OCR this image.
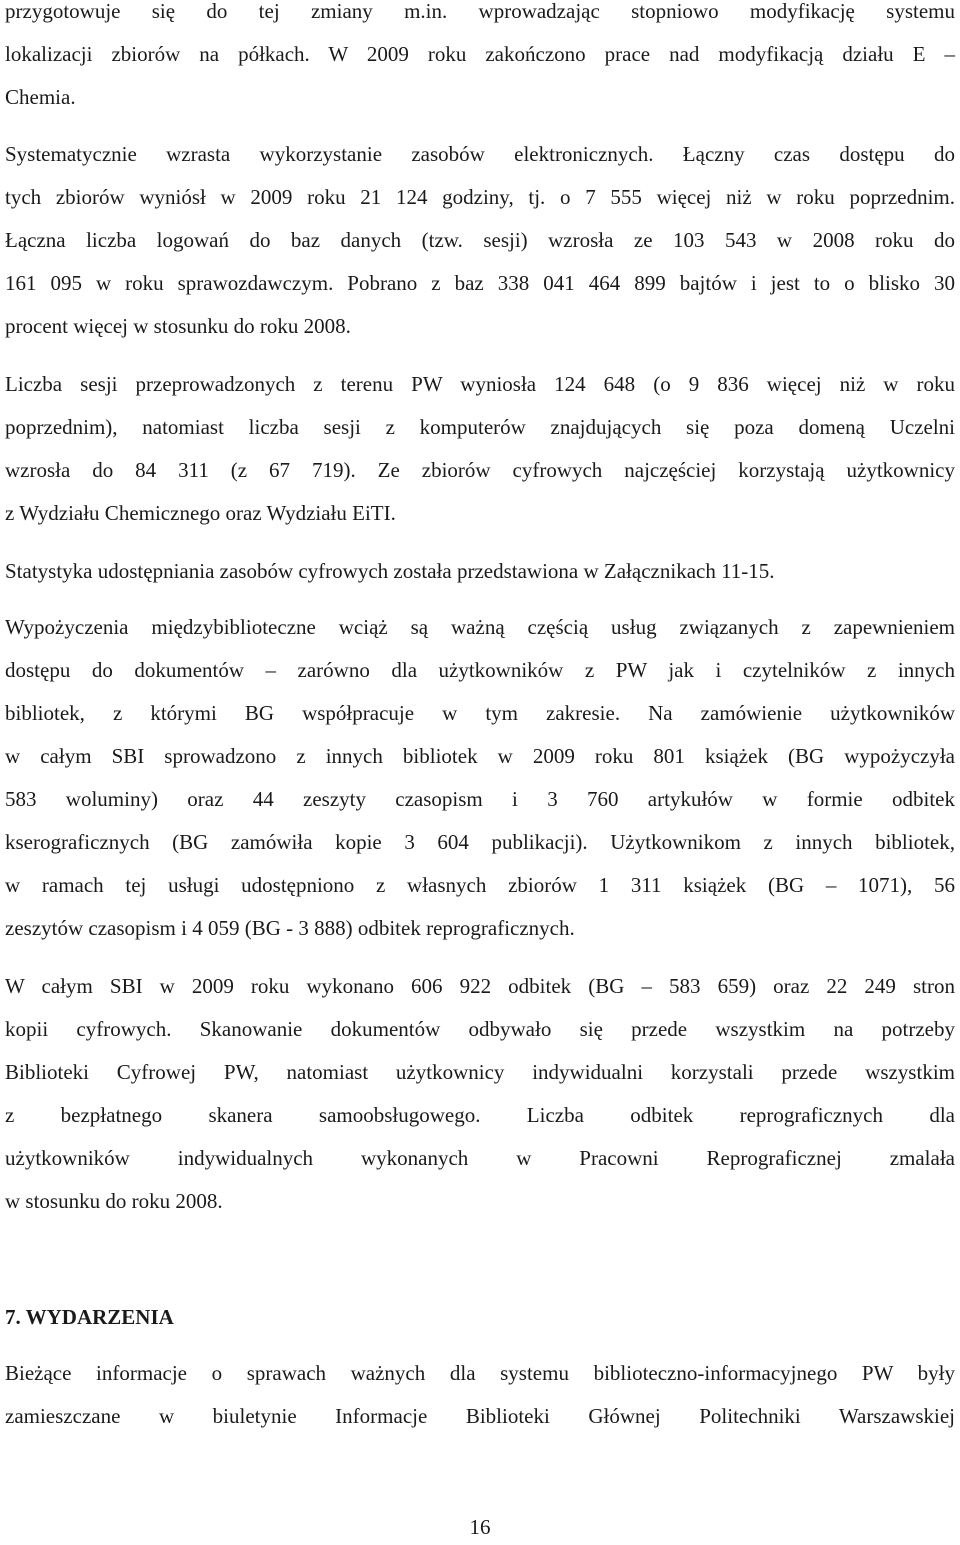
przygotowuje się do tej zmiany m.in. wprowadzając stopniowo modyfikację systemu
lokalizacji zbiorów na półkach. W 2009 roku zakończono prace nad modyfikacją działu E –
Chemia.
Systematycznie wzrasta wykorzystanie zasobów elektronicznych. Łączny czas dostępu do
tych zbiorów wyniósł w 2009 roku 21 124 godziny, tj. o 7 555 więcej niż w roku poprzednim.
Łączna liczba logowań do baz danych (tzw. sesji) wzrosła ze 103 543 w 2008 roku do
161 095 w roku sprawozdawczym. Pobrano z baz 338 041 464 899 bajtów i jest to o blisko 30
procent więcej w stosunku do roku 2008.
Liczba sesji przeprowadzonych z terenu PW wyniosła 124 648 (o 9 836 więcej niż w roku
poprzednim), natomiast liczba sesji z komputerów znajdujących się poza domeną Uczelni
wzrosła do 84 311 (z 67 719). Ze zbiorów cyfrowych najczęściej korzystają użytkownicy
z Wydziału Chemicznego oraz Wydziału EiTI.
Statystyka udostępniania zasobów cyfrowych została przedstawiona w Załącznikach 11-15.
Wypożyczenia międzybiblioteczne wciąż są ważną częścią usług związanych z zapewnieniem
dostępu do dokumentów – zarówno dla użytkowników z PW jak i czytelników z innych
bibliotek, z którymi BG współpracuje w tym zakresie. Na zamówienie użytkowników
w całym SBI sprowadzono z innych bibliotek w 2009 roku 801 książek (BG wypożyczyła
583 woluminy) oraz 44 zeszyty czasopism i 3 760 artykułów w formie odbitek
kserograficznych (BG zamówiła kopie 3 604 publikacji). Użytkownikom z innych bibliotek,
w ramach tej usługi udostępniono z własnych zbiorów 1 311 książek (BG – 1071), 56
zeszytów czasopism i 4 059 (BG - 3 888) odbitek reprograficznych.
W całym SBI w 2009 roku wykonano 606 922 odbitek (BG – 583 659) oraz 22 249 stron
kopii cyfrowych. Skanowanie dokumentów odbywało się przede wszystkim na potrzeby
Biblioteki Cyfrowej PW, natomiast użytkownicy indywidualni korzystali przede wszystkim
z bezpłatnego skanera samoobsługowego. Liczba odbitek reprograficznych dla
użytkowników indywidualnych wykonanych w Pracowni Reprograficznej zmalała
w stosunku do roku 2008.
7. WYDARZENIA
Bieżące informacje o sprawach ważnych dla systemu biblioteczno-informacyjnego PW były
zamieszczane w biuletynie Informacje Biblioteki Głównej Politechniki Warszawskiej
16
